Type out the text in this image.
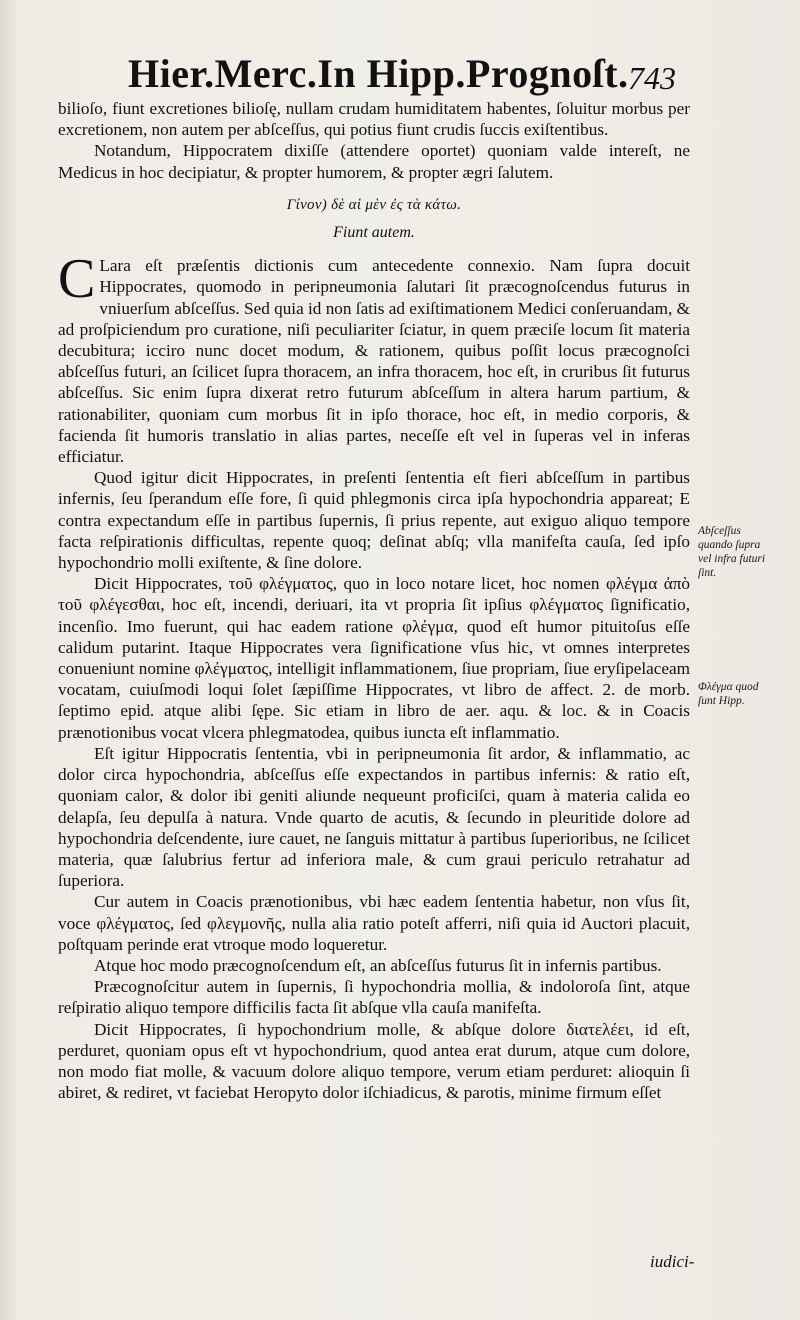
Hier.Merc.In Hipp.Prognoſt. 743

bilioſo, fiunt excretiones bilioſę, nullam crudam humiditatem habentes, ſoluitur morbus per excretionem, non autem per abſceſſus, qui potius fiunt crudis ſuccis exiſtentibus.

Notandum, Hippocratem dixiſſe (attendere oportet) quoniam valde intereſt, ne Medicus in hoc decipiatur, & propter humorem, & propter ægri ſalutem.

Γίνον) δὲ αἱ μὲν ἐς τὰ κάτω.

Fiunt autem.

C Lara eſt præſentis dictionis cum antecedente connexio. Nam ſupra docuit Hippocrates, quomodo in peripneumonia ſalutari ſit præcognoſcendus futurus in vniuerſum abſceſſus. Sed quia id non ſatis ad exiſtimationem Medici conſeruandam, & ad proſpiciendum pro curatione, niſi peculiariter ſciatur, in quem præciſe locum ſit materia decubitura; icciro nunc docet modum, & rationem, quibus poſſit locus præcognoſci abſceſſus futuri, an ſcilicet ſupra thoracem, an infra thoracem, hoc eſt, in cruribus ſit futurus abſceſſus. Sic enim ſupra dixerat retro futurum abſceſſum in altera harum partium, & rationabiliter, quoniam cum morbus ſit in ipſo thorace, hoc eſt, in medio corporis, & facienda ſit humoris translatio in alias partes, neceſſe eſt vel in ſuperas vel in inferas efficiatur.

Quod igitur dicit Hippocrates, in preſenti ſententia eſt fieri abſceſſum in partibus infernis, ſeu ſperandum eſſe fore, ſi quid phlegmonis circa ipſa hypochondria appareat; E contra expectandum eſſe in partibus ſupernis, ſi prius repente, aut exiguo aliquo tempore facta reſpirationis difficultas, repente quoq; deſinat abſq; vlla manifeſta cauſa, ſed ipſo hypochondrio molli exiſtente, & ſine dolore.

Dicit Hippocrates, τοῦ φλέγματος, quo in loco notare licet, hoc nomen φλέγμα ἀπὸ τοῦ φλέγεσθαι, hoc eſt, incendi, deriuari, ita vt propria ſit ipſius φλέγματος ſignificatio, incenſio. Imo fuerunt, qui hac eadem ratione φλέγμα, quod eſt humor pituitoſus eſſe calidum putarint. Itaque Hippocrates vera ſignificatione vſus hic, vt omnes interpretes conueniunt nomine φλέγματος, intelligit inflammationem, ſiue propriam, ſiue eryſipelaceam vocatam, cuiuſmodi loqui ſolet ſæpiſſime Hippocrates, vt libro de affect. 2. de morb. ſeptimo epid. atque alibi ſępe. Sic etiam in libro de aer. aqu. & loc. & in Coacis prænotionibus vocat vlcera phlegmatodea, quibus iuncta eſt inflammatio.

Eſt igitur Hippocratis ſententia, vbi in peripneumonia ſit ardor, & inflammatio, ac dolor circa hypochondria, abſceſſus eſſe expectandos in partibus infernis: & ratio eſt, quoniam calor, & dolor ibi geniti aliunde nequeunt proficiſci, quam à materia calida eo delapſa, ſeu depulſa à natura. Vnde quarto de acutis, & ſecundo in pleuritide dolore ad hypochondria deſcendente, iure cauet, ne ſanguis mittatur à partibus ſuperioribus, ne ſcilicet materia, quæ ſalubrius fertur ad inferiora male, & cum graui periculo retrahatur ad ſuperiora.

Cur autem in Coacis prænotionibus, vbi hæc eadem ſententia habetur, non vſus ſit, voce φλέγματος, ſed φλεγμονῆς, nulla alia ratio poteſt afferri, niſi quia id Auctori placuit, poſtquam perinde erat vtroque modo loqueretur.

Atque hoc modo præcognoſcendum eſt, an abſceſſus futurus ſit in infernis partibus.

Præcognoſcitur autem in ſupernis, ſi hypochondria mollia, & indoloroſa ſint, atque reſpiratio aliquo tempore difficilis facta ſit abſque vlla cauſa manifeſta.

Dicit Hippocrates, ſi hypochondrium molle, & abſque dolore διατελέει, id eſt, perduret, quoniam opus eſt vt hypochondrium, quod antea erat durum, atque cum dolore, non modo fiat molle, & vacuum dolore aliquo tempore, verum etiam perduret: alioquin ſi abiret, & rediret, vt faciebat Heropyto dolor iſchiadicus, & parotis, minime firmum eſſet

Abſceſſus quando ſupra vel infra futuri ſint.
Φλέγμα quod ſunt Hipp.
iudici-
